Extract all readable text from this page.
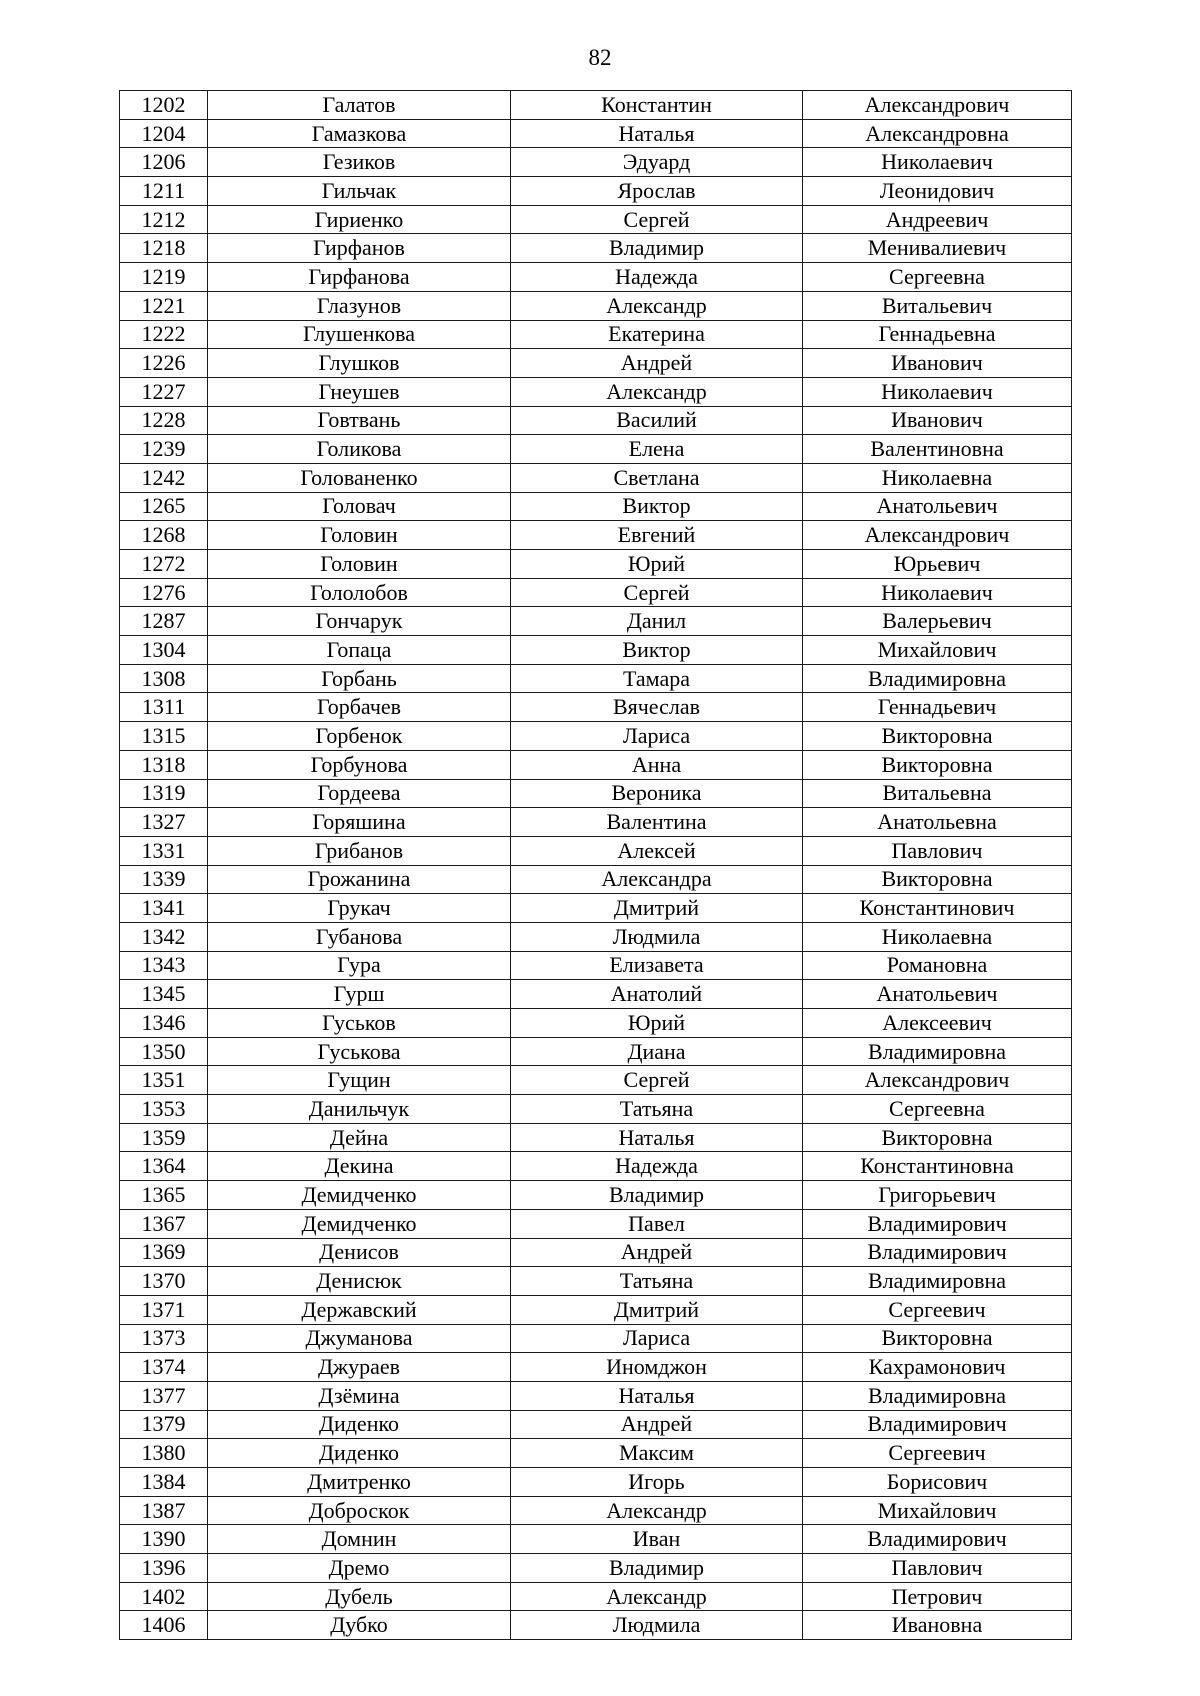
82
1202	Галатов	Константин	Александрович
1204	Гамазкова	Наталья	Александровна
1206	Гезиков	Эдуард	Николаевич
1211	Гильчак	Ярослав	Леонидович
1212	Гириенко	Сергей	Андреевич
1218	Гирфанов	Владимир	Менивалиевич
1219	Гирфанова	Надежда	Сергеевна
1221	Глазунов	Александр	Витальевич
1222	Глушенкова	Екатерина	Геннадьевна
1226	Глушков	Андрей	Иванович
1227	Гнеушев	Александр	Николаевич
1228	Говтвань	Василий	Иванович
1239	Голикова	Елена	Валентиновна
1242	Голованенко	Светлана	Николаевна
1265	Головач	Виктор	Анатольевич
1268	Головин	Евгений	Александрович
1272	Головин	Юрий	Юрьевич
1276	Гололобов	Сергей	Николаевич
1287	Гончарук	Данил	Валерьевич
1304	Гопаца	Виктор	Михайлович
1308	Горбань	Тамара	Владимировна
1311	Горбачев	Вячеслав	Геннадьевич
1315	Горбенок	Лариса	Викторовна
1318	Горбунова	Анна	Викторовна
1319	Гордеева	Вероника	Витальевна
1327	Горяшина	Валентина	Анатольевна
1331	Грибанов	Алексей	Павлович
1339	Грожанина	Александра	Викторовна
1341	Грукач	Дмитрий	Константинович
1342	Губанова	Людмила	Николаевна
1343	Гура	Елизавета	Романовна
1345	Гурш	Анатолий	Анатольевич
1346	Гуськов	Юрий	Алексеевич
1350	Гуськова	Диана	Владимировна
1351	Гущин	Сергей	Александрович
1353	Данильчук	Татьяна	Сергеевна
1359	Дейна	Наталья	Викторовна
1364	Декина	Надежда	Константиновна
1365	Демидченко	Владимир	Григорьевич
1367	Демидченко	Павел	Владимирович
1369	Денисов	Андрей	Владимирович
1370	Денисюк	Татьяна	Владимировна
1371	Державский	Дмитрий	Сергеевич
1373	Джуманова	Лариса	Викторовна
1374	Джураев	Иномджон	Кахрамонович
1377	Дзёмина	Наталья	Владимировна
1379	Диденко	Андрей	Владимирович
1380	Диденко	Максим	Сергеевич
1384	Дмитренко	Игорь	Борисович
1387	Доброскок	Александр	Михайлович
1390	Домнин	Иван	Владимирович
1396	Дремо	Владимир	Павлович
1402	Дубель	Александр	Петрович
1406	Дубко	Людмила	Ивановна
